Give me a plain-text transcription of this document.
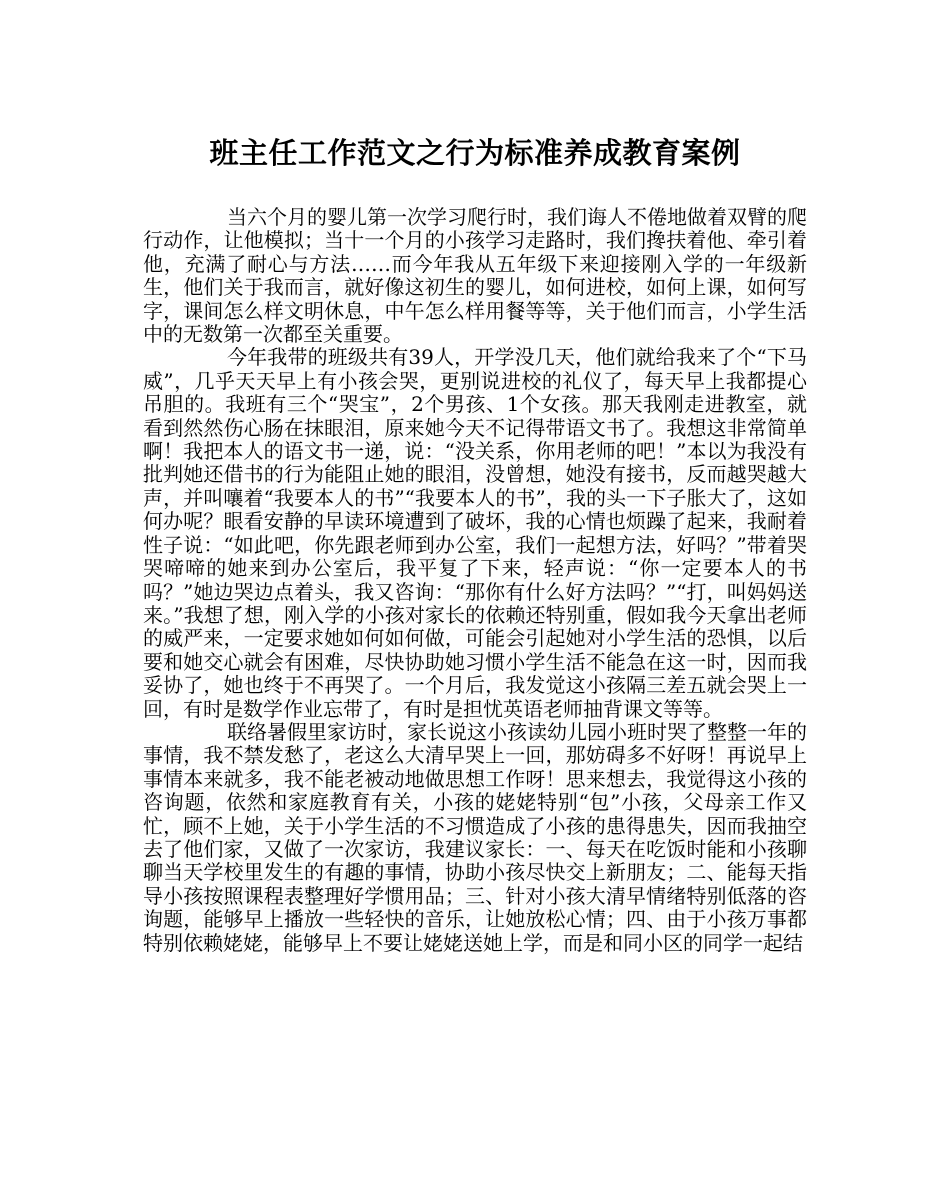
班主任工作范文之行为标准养成教育案例

当六个月的婴儿第一次学习爬行时，我们诲人不倦地做着双臂的爬行动作，让他模拟；当十一个月的小孩学习走路时，我们搀扶着他、牵引着他，充满了耐心与方法……而今年我从五年级下来迎接刚入学的一年级新生，他们关于我而言，就好像这初生的婴儿，如何进校，如何上课，如何写字，课间怎么样文明休息，中午怎么样用餐等等，关于他们而言，小学生活中的无数第一次都至关重要。

今年我带的班级共有39人，开学没几天，他们就给我来了个“下马威”，几乎天天早上有小孩会哭，更别说进校的礼仪了，每天早上我都提心吊胆的。我班有三个“哭宝”，2个男孩、1个女孩。那天我刚走进教室，就看到然然伤心肠在抹眼泪，原来她今天不记得带语文书了。我想这非常简单啊！我把本人的语文书一递，说：“没关系，你用老师的吧！”本以为我没有批判她还借书的行为能阻止她的眼泪，没曾想，她没有接书，反而越哭越大声，并叫嚷着“我要本人的书”“我要本人的书”，我的头一下子胀大了，这如何办呢？眼看安静的早读环境遭到了破坏，我的心情也烦躁了起来，我耐着性子说：“如此吧，你先跟老师到办公室，我们一起想方法，好吗？”带着哭哭啼啼的她来到办公室后，我平复了下来，轻声说：“你一定要本人的书吗？”她边哭边点着头，我又咨询：“那你有什么好方法吗？”“打，叫妈妈送来。”我想了想，刚入学的小孩对家长的依赖还特别重，假如我今天拿出老师的威严来，一定要求她如何如何做，可能会引起她对小学生活的恐惧，以后要和她交心就会有困难，尽快协助她习惯小学生活不能急在这一时，因而我妥协了，她也终于不再哭了。一个月后，我发觉这小孩隔三差五就会哭上一回，有时是数学作业忘带了，有时是担忧英语老师抽背课文等等。

联络暑假里家访时，家长说这小孩读幼儿园小班时哭了整整一年的事情，我不禁发愁了，老这么大清早哭上一回，那妨碍多不好呀！再说早上事情本来就多，我不能老被动地做思想工作呀！思来想去，我觉得这小孩的咨询题，依然和家庭教育有关，小孩的姥姥特别“包”小孩，父母亲工作又忙，顾不上她，关于小学生活的不习惯造成了小孩的患得患失，因而我抽空去了他们家，又做了一次家访，我建议家长：一、每天在吃饭时能和小孩聊聊当天学校里发生的有趣的事情，协助小孩尽快交上新朋友；二、能每天指导小孩按照课程表整理好学惯用品；三、针对小孩大清早情绪特别低落的咨询题，能够早上播放一些轻快的音乐，让她放松心情；四、由于小孩万事都特别依赖姥姥，能够早上不要让姥姥送她上学，而是和同小区的同学一起结
